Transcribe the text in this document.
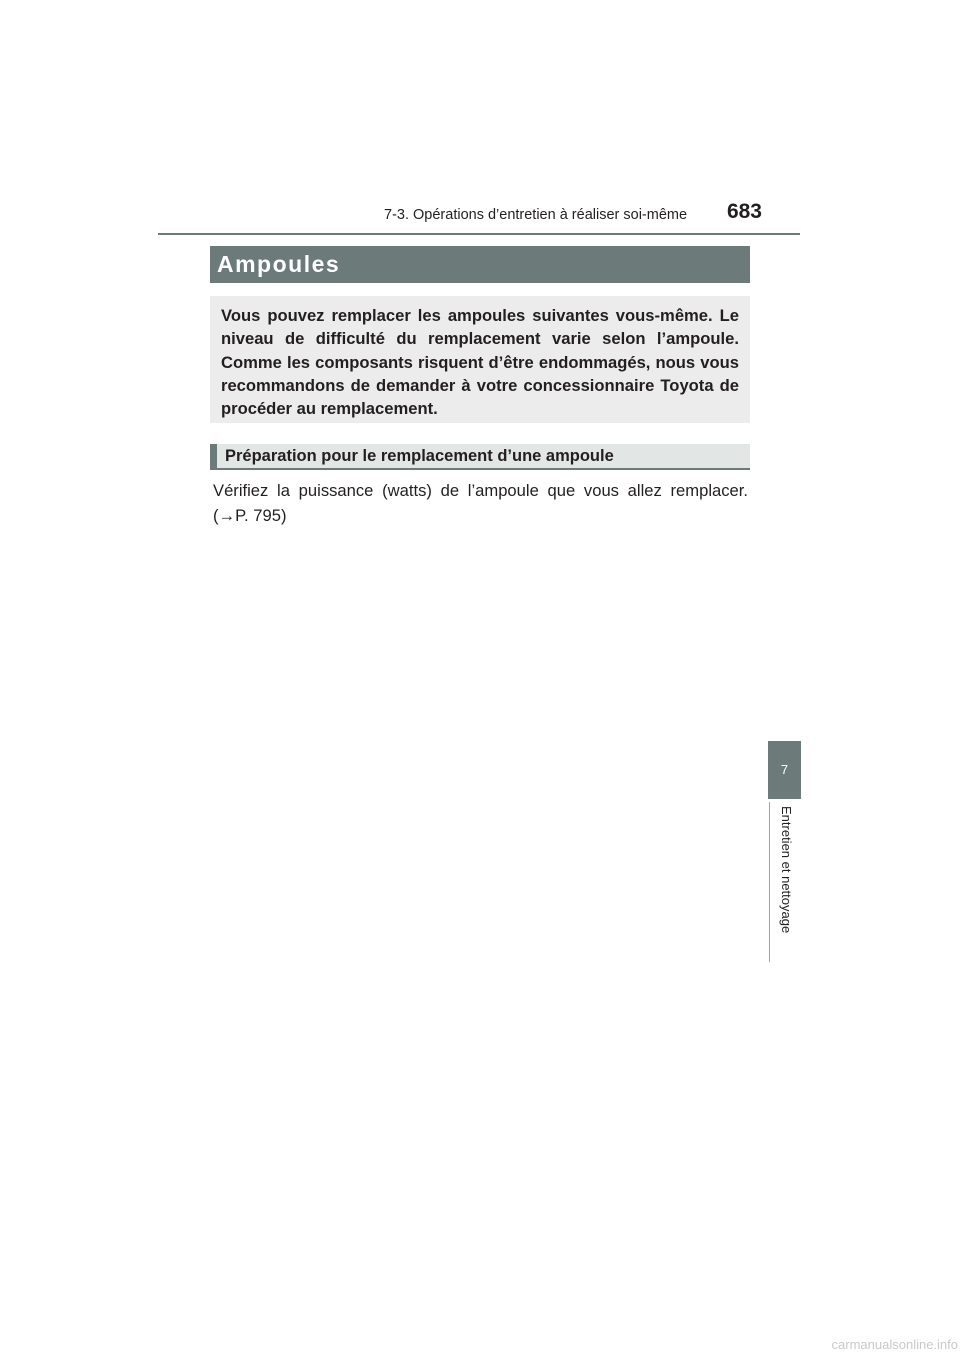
7-3. Opérations d’entretien à réaliser soi-même	683
Ampoules

Vous pouvez remplacer les ampoules suivantes vous-même. Le niveau de difficulté du remplacement varie selon l’ampoule. Comme les composants risquent d’être endommagés, nous vous recommandons de demander à votre concessionnaire Toyota de procéder au remplacement.

Préparation pour le remplacement d’une ampoule
Vérifiez la puissance (watts) de l’ampoule que vous allez remplacer.
(→P. 795)
7
Entretien et nettoyage
carmanualsonline.info
